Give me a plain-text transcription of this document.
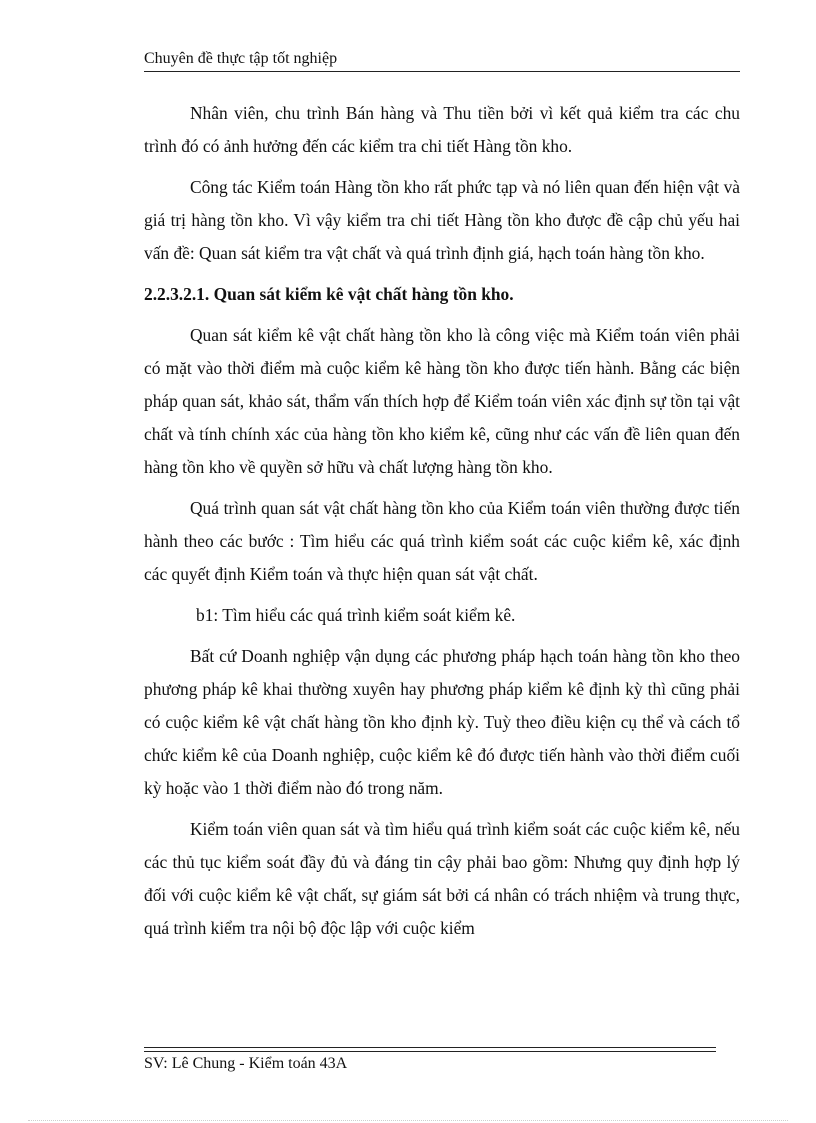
Chuyên đề thực tập tốt nghiệp

Nhân viên, chu trình Bán hàng và Thu tiền bởi vì kết quả kiểm tra các chu trình đó có ảnh hưởng đến các kiểm tra chi tiết Hàng tồn kho.

Công tác Kiểm toán Hàng tồn kho rất phức tạp và nó liên quan đến hiện vật và giá trị hàng tồn kho. Vì vậy kiểm tra chi tiết Hàng tồn kho được đề cập chủ yếu hai vấn đề: Quan sát kiểm tra vật chất và quá trình định giá, hạch toán hàng tồn kho.

2.2.3.2.1. Quan sát kiểm kê vật chất hàng tồn kho.

Quan sát kiểm kê vật chất hàng tồn kho là công việc mà Kiểm toán viên phải có mặt vào thời điểm mà cuộc kiểm kê hàng tồn kho được tiến hành. Bằng các biện pháp quan sát, khảo sát, thẩm vấn thích hợp để Kiểm toán viên xác định sự tồn tại vật chất và tính chính xác của hàng tồn kho kiểm kê, cũng như các vấn đề liên quan đến hàng tồn kho về quyền sở hữu và chất lượng hàng tồn kho.

Quá trình quan sát vật chất hàng tồn kho của Kiểm toán viên thường được tiến hành theo các bước : Tìm hiểu các quá trình kiểm soát các cuộc kiểm kê, xác định các quyết định Kiểm toán và thực hiện quan sát vật chất.

b1: Tìm hiểu các quá trình kiểm soát kiểm kê.

Bất cứ Doanh nghiệp vận dụng các phương pháp hạch toán hàng tồn kho theo phương pháp kê khai thường xuyên hay phương pháp kiểm kê định kỳ thì cũng phải có cuộc kiểm kê vật chất hàng tồn kho định kỳ. Tuỳ theo điều kiện cụ thể và cách tổ chức kiểm kê của Doanh nghiệp, cuộc kiểm kê đó được tiến hành vào thời điểm cuối kỳ hoặc vào 1 thời điểm nào đó trong năm.

Kiểm toán viên quan sát và tìm hiểu quá trình kiểm soát các cuộc kiểm kê, nếu các thủ tục kiểm soát đầy đủ và đáng tin cậy phải bao gồm: Nhưng quy định hợp lý đối với cuộc kiểm kê vật chất, sự giám sát bởi cá nhân có trách nhiệm và trung thực, quá trình kiểm tra nội bộ độc lập với cuộc kiểm

SV: Lê Chung - Kiểm toán 43A
